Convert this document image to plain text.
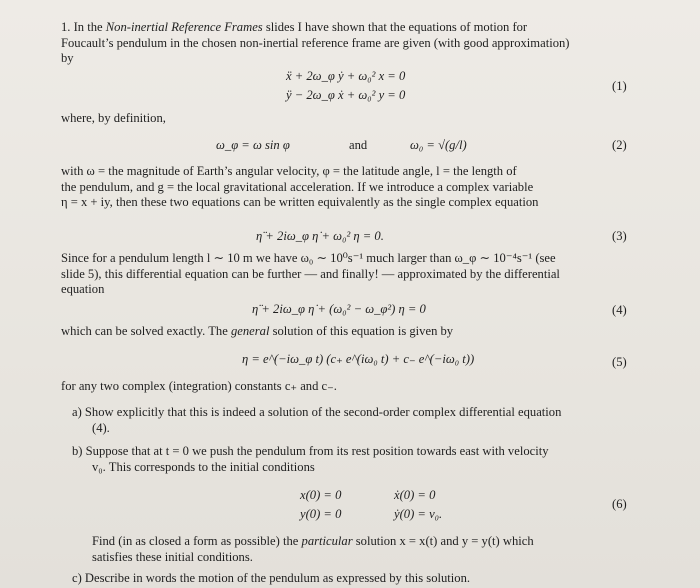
1. In the Non-inertial Reference Frames slides I have shown that the equations of motion for

Foucault’s pendulum in the chosen non-inertial reference frame are given (with good approximation)

by

ẍ + 2ω_φ ẏ + ω₀² x = 0
ÿ − 2ω_φ ẋ + ω₀² y = 0
(1)
where, by definition,
ω_φ = ω sin φ	and	ω₀ = √(g/l)	(2)

with ω = the magnitude of Earth’s angular velocity, φ = the latitude angle, l = the length of

the pendulum, and g = the local gravitational acceleration. If we introduce a complex variable

η = x + iy, then these two equations can be written equivalently as the single complex equation

η̈ + 2iω_φ η̇ + ω₀² η = 0.	(3)

Since for a pendulum length l ∼ 10 m we have ω₀ ∼ 10⁰s⁻¹ much larger than ω_φ ∼ 10⁻⁴s⁻¹ (see

slide 5), this differential equation can be further — and finally! — approximated by the differential

equation

η̈ + 2iω_φ η̇ + (ω₀² − ω_φ²) η = 0	(4)

which can be solved exactly. The general solution of this equation is given by

η = e^(−iω_φ t) (c₊ e^(iω₀ t) + c₋ e^(−iω₀ t))	(5)
for any two complex (integration) constants c₊ and c₋.

a) Show explicitly that this is indeed a solution of the second-order complex differential equation

(4).

b) Suppose that at t = 0 we push the pendulum from its rest position towards east with velocity

v₀. This corresponds to the initial conditions

x(0) = 0	ẋ(0) = 0
y(0) = 0	ẏ(0) = v₀.
(6)

Find (in as closed a form as possible) the particular solution x = x(t) and y = y(t) which

satisfies these initial conditions.

c) Describe in words the motion of the pendulum as expressed by this solution.
